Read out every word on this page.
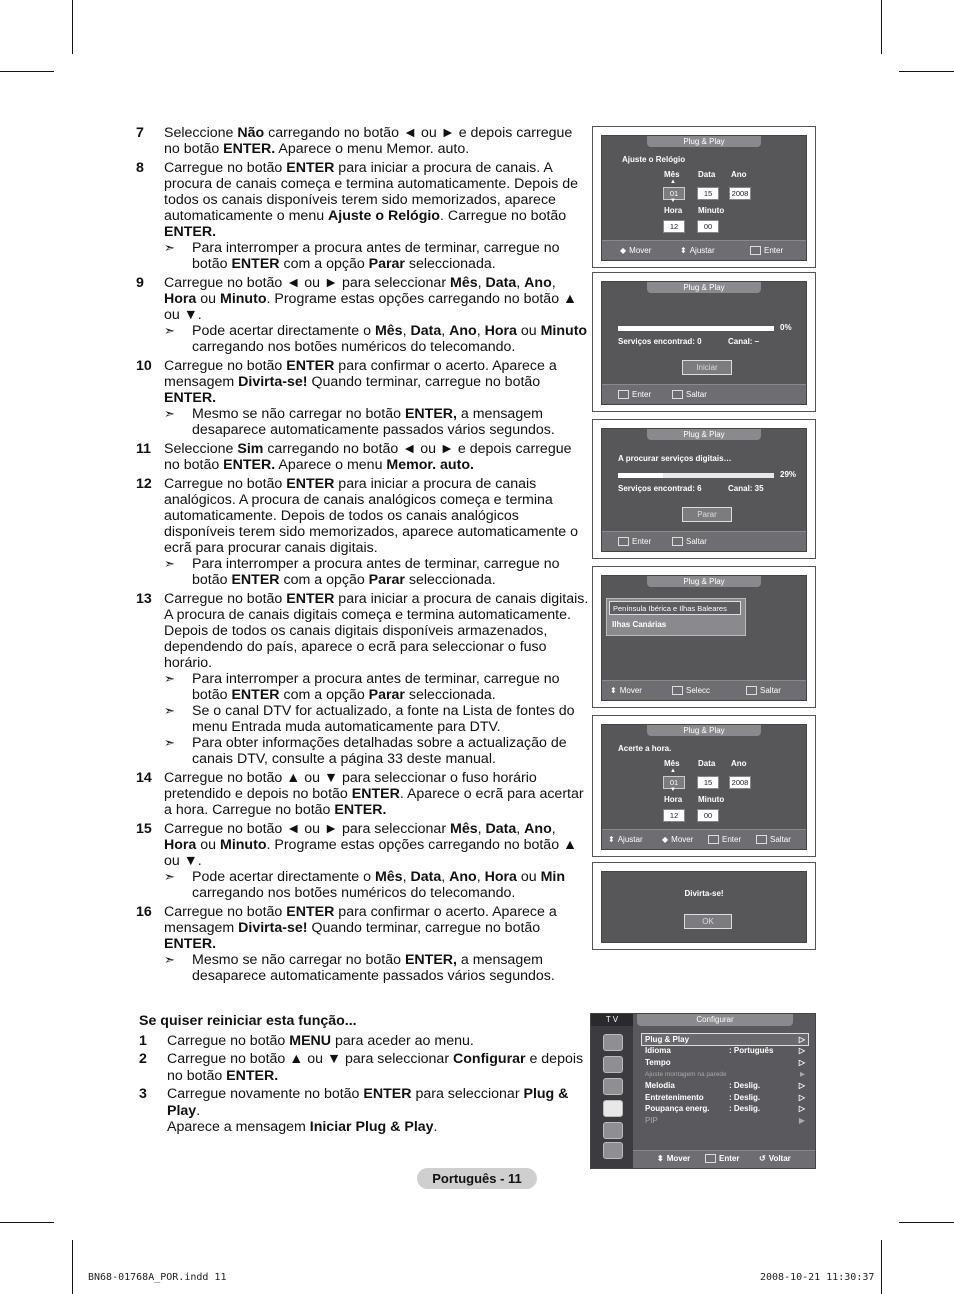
7 Seleccione Não carregando no botão ◄ ou ► e depois carregue no botão ENTER. Aparece o menu Memor. auto.
8 Carregue no botão ENTER para iniciar a procura de canais. A procura de canais começa e termina automaticamente. Depois de todos os canais disponíveis terem sido memorizados, aparece automaticamente o menu Ajuste o Relógio. Carregue no botão ENTER.
➣ Para interromper a procura antes de terminar, carregue no botão ENTER com a opção Parar seleccionada.
9 Carregue no botão ◄ ou ► para seleccionar Mês, Data, Ano, Hora ou Minuto. Programe estas opções carregando no botão ▲ ou ▼.
➣ Pode acertar directamente o Mês, Data, Ano, Hora ou Minuto carregando nos botões numéricos do telecomando.
10 Carregue no botão ENTER para confirmar o acerto. Aparece a mensagem Divirta-se! Quando terminar, carregue no botão ENTER.
➣ Mesmo se não carregar no botão ENTER, a mensagem desaparece automaticamente passados vários segundos.
11 Seleccione Sim carregando no botão ◄ ou ► e depois carregue no botão ENTER. Aparece o menu Memor. auto.
12 Carregue no botão ENTER para iniciar a procura de canais analógicos. A procura de canais analógicos começa e termina automaticamente. Depois de todos os canais analógicos disponíveis terem sido memorizados, aparece automaticamente o ecrã para procurar canais digitais.
➣ Para interromper a procura antes de terminar, carregue no botão ENTER com a opção Parar seleccionada.
13 Carregue no botão ENTER para iniciar a procura de canais digitais. A procura de canais digitais começa e termina automaticamente. Depois de todos os canais digitais disponíveis armazenados, dependendo do país, aparece o ecrã para seleccionar o fuso horário.
➣ Para interromper a procura antes de terminar, carregue no botão ENTER com a opção Parar seleccionada.
➣ Se o canal DTV for actualizado, a fonte na Lista de fontes do menu Entrada muda automaticamente para DTV.
➣ Para obter informações detalhadas sobre a actualização de canais DTV, consulte a página 33 deste manual.
14 Carregue no botão ▲ ou ▼ para seleccionar o fuso horário pretendido e depois no botão ENTER. Aparece o ecrã para acertar a hora. Carregue no botão ENTER.
15 Carregue no botão ◄ ou ► para seleccionar Mês, Data, Ano, Hora ou Minuto. Programe estas opções carregando no botão ▲ ou ▼.
➣ Pode acertar directamente o Mês, Data, Ano, Hora ou Min carregando nos botões numéricos do telecomando.
16 Carregue no botão ENTER para confirmar o acerto. Aparece a mensagem Divirta-se! Quando terminar, carregue no botão ENTER.
➣ Mesmo se não carregar no botão ENTER, a mensagem desaparece automaticamente passados vários segundos.
Plug & Play
Ajuste o Relógio
Mês Data Ano
▲
01	15	2008
▼
Hora Minuto
12	00
◆ Mover	⬍ Ajustar	Enter
Plug & Play
0%
Serviços encontrad: 0	Canal: –
Iniciar
Enter	Saltar
Plug & Play
A procurar serviços digitais…
29%
Serviços encontrad: 6	Canal: 35
Parar
Enter	Saltar
Plug & Play
Península Ibérica e Ilhas Baleares
Ilhas Canárias
⬍ Mover	Selecc	Saltar
Plug & Play
Acerte a hora.
Mês Data Ano
▲
01	15	2008
▼
Hora Minuto
12	00
⬍ Ajustar ◆ Mover	Enter	Saltar
Divirta-se!
OK
Se quiser reiniciar esta função...
1 Carregue no botão MENU para aceder ao menu.
2 Carregue no botão ▲ ou ▼ para seleccionar Configurar e depois no botão ENTER.
3 Carregue novamente no botão ENTER para seleccionar Plug & Play.
Aparece a mensagem Iniciar Plug & Play.
T V	Configurar
Plug & Play	▷
Idioma	: Português	▷
Tempo	▷
Ajuste montagem na parede	▶
Melodia	: Deslig.	▷
Entretenimento	: Deslig.	▷
Poupança energ. : Deslig.	▷
PIP	▶
⬍ Mover	Enter ↺ Voltar
Português - 11
BN68-01768A_POR.indd 11	2008-10-21 11:30:37
